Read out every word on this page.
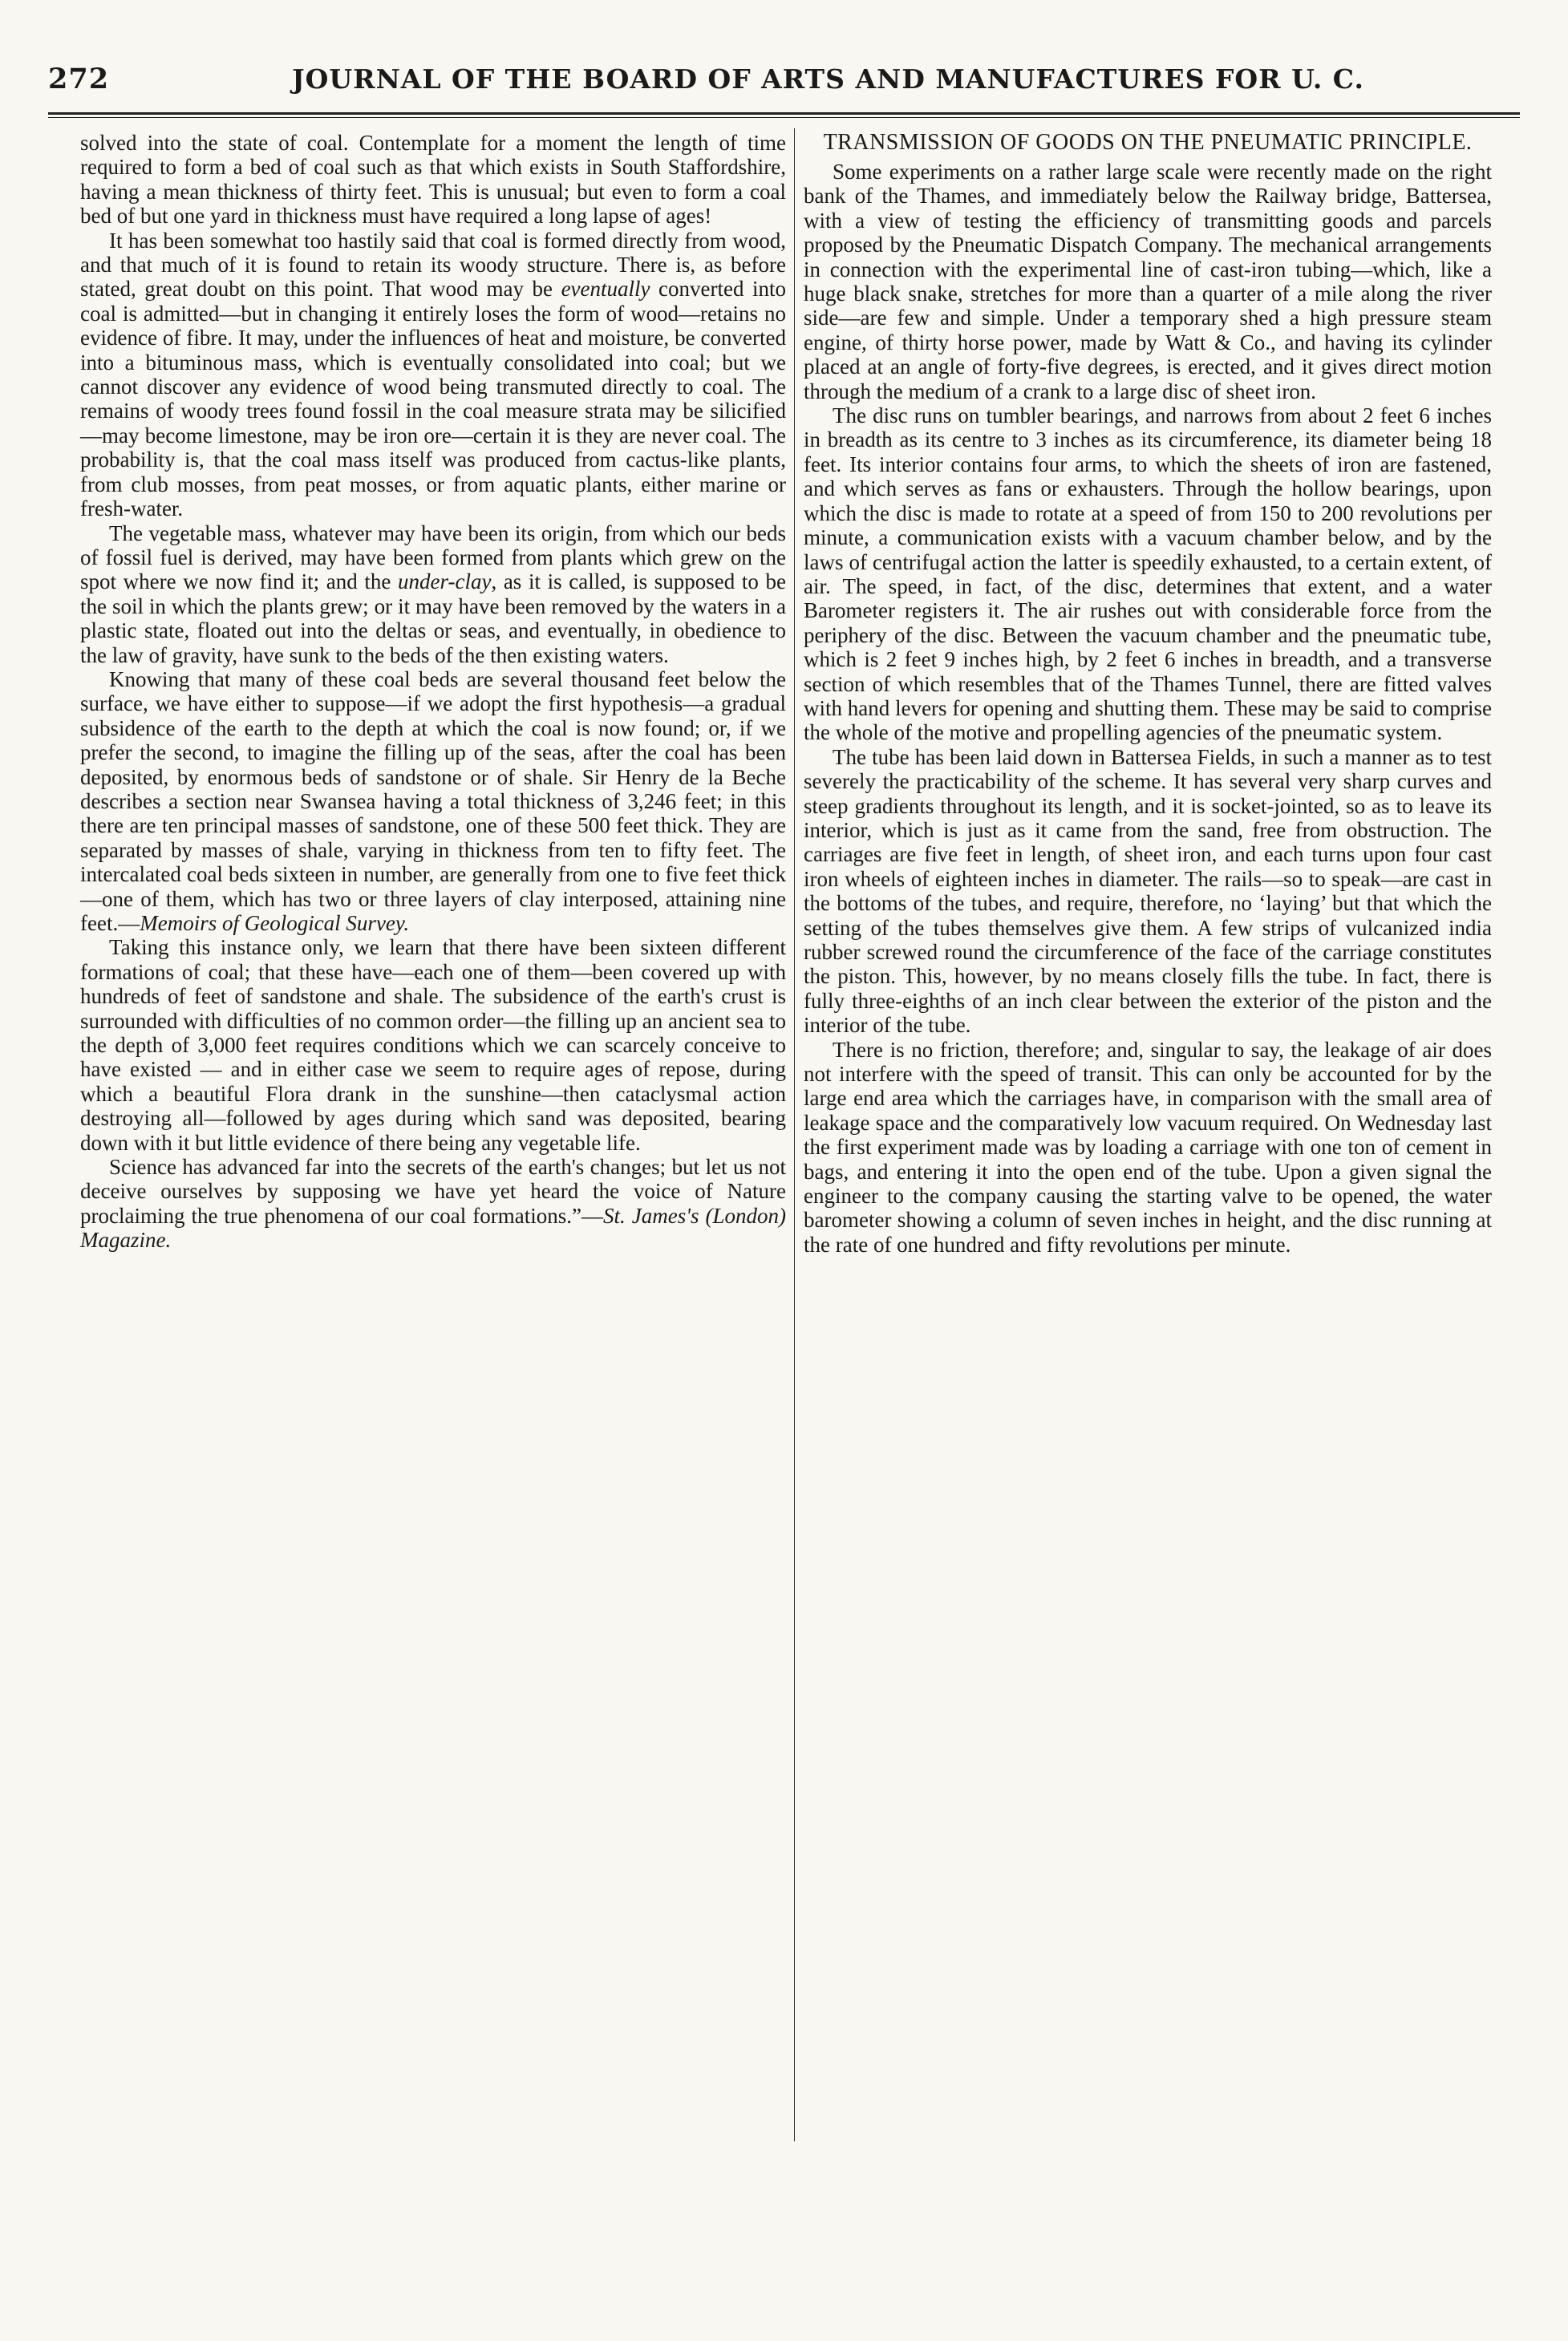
272	JOURNAL OF THE BOARD OF ARTS AND MANUFACTURES FOR U. C.

solved into the state of coal. Contemplate for a moment the length of time required to form a bed of coal such as that which exists in South Staffordshire, having a mean thickness of thirty feet. This is unusual; but even to form a coal bed of but one yard in thickness must have required a long lapse of ages!

It has been somewhat too hastily said that coal is formed directly from wood, and that much of it is found to retain its woody structure. There is, as before stated, great doubt on this point. That wood may be eventually converted into coal is admitted—but in changing it entirely loses the form of wood—retains no evidence of fibre. It may, under the influences of heat and moisture, be converted into a bituminous mass, which is eventually consolidated into coal; but we cannot discover any evidence of wood being transmuted directly to coal. The remains of woody trees found fossil in the coal measure strata may be silicified—may become limestone, may be iron ore—certain it is they are never coal. The probability is, that the coal mass itself was produced from cactus-like plants, from club mosses, from peat mosses, or from aquatic plants, either marine or fresh-water.

The vegetable mass, whatever may have been its origin, from which our beds of fossil fuel is derived, may have been formed from plants which grew on the spot where we now find it; and the under-clay, as it is called, is supposed to be the soil in which the plants grew; or it may have been removed by the waters in a plastic state, floated out into the deltas or seas, and eventually, in obedience to the law of gravity, have sunk to the beds of the then existing waters.

Knowing that many of these coal beds are several thousand feet below the surface, we have either to suppose—if we adopt the first hypothesis—a gradual subsidence of the earth to the depth at which the coal is now found; or, if we prefer the second, to imagine the filling up of the seas, after the coal has been deposited, by enormous beds of sandstone or of shale. Sir Henry de la Beche describes a section near Swansea having a total thickness of 3,246 feet; in this there are ten principal masses of sandstone, one of these 500 feet thick. They are separated by masses of shale, varying in thickness from ten to fifty feet. The intercalated coal beds sixteen in number, are generally from one to five feet thick—one of them, which has two or three layers of clay interposed, attaining nine feet.—Memoirs of Geological Survey.

Taking this instance only, we learn that there have been sixteen different formations of coal; that these have—each one of them—been covered up with hundreds of feet of sandstone and shale. The subsidence of the earth's crust is surrounded with difficulties of no common order—the filling up an ancient sea to the depth of 3,000 feet requires conditions which we can scarcely conceive to have existed — and in either case we seem to require ages of repose, during which a beautiful Flora drank in the sunshine—then cataclysmal action destroying all—followed by ages during which sand was deposited, bearing down with it but little evidence of there being any vegetable life.

Science has advanced far into the secrets of the earth's changes; but let us not deceive ourselves by supposing we have yet heard the voice of Nature proclaiming the true phenomena of our coal formations.”—St. James's (London) Magazine.

TRANSMISSION OF GOODS ON THE PNEUMATIC PRINCIPLE.

Some experiments on a rather large scale were recently made on the right bank of the Thames, and immediately below the Railway bridge, Battersea, with a view of testing the efficiency of transmitting goods and parcels proposed by the Pneumatic Dispatch Company. The mechanical arrangements in connection with the experimental line of cast-iron tubing—which, like a huge black snake, stretches for more than a quarter of a mile along the river side—are few and simple. Under a temporary shed a high pressure steam engine, of thirty horse power, made by Watt & Co., and having its cylinder placed at an angle of forty-five degrees, is erected, and it gives direct motion through the medium of a crank to a large disc of sheet iron.

The disc runs on tumbler bearings, and narrows from about 2 feet 6 inches in breadth as its centre to 3 inches as its circumference, its diameter being 18 feet. Its interior contains four arms, to which the sheets of iron are fastened, and which serves as fans or exhausters. Through the hollow bearings, upon which the disc is made to rotate at a speed of from 150 to 200 revolutions per minute, a communication exists with a vacuum chamber below, and by the laws of centrifugal action the latter is speedily exhausted, to a certain extent, of air. The speed, in fact, of the disc, determines that extent, and a water Barometer registers it. The air rushes out with considerable force from the periphery of the disc. Between the vacuum chamber and the pneumatic tube, which is 2 feet 9 inches high, by 2 feet 6 inches in breadth, and a transverse section of which resembles that of the Thames Tunnel, there are fitted valves with hand levers for opening and shutting them. These may be said to comprise the whole of the motive and propelling agencies of the pneumatic system.

The tube has been laid down in Battersea Fields, in such a manner as to test severely the practicability of the scheme. It has several very sharp curves and steep gradients throughout its length, and it is socket-jointed, so as to leave its interior, which is just as it came from the sand, free from obstruction. The carriages are five feet in length, of sheet iron, and each turns upon four cast iron wheels of eighteen inches in diameter. The rails—so to speak—are cast in the bottoms of the tubes, and require, therefore, no ‘laying’ but that which the setting of the tubes themselves give them. A few strips of vulcanized india rubber screwed round the circumference of the face of the carriage constitutes the piston. This, however, by no means closely fills the tube. In fact, there is fully three-eighths of an inch clear between the exterior of the piston and the interior of the tube.

There is no friction, therefore; and, singular to say, the leakage of air does not interfere with the speed of transit. This can only be accounted for by the large end area which the carriages have, in comparison with the small area of leakage space and the comparatively low vacuum required. On Wednesday last the first experiment made was by loading a carriage with one ton of cement in bags, and entering it into the open end of the tube. Upon a given signal the engineer to the company causing the starting valve to be opened, the water barometer showing a column of seven inches in height, and the disc running at the rate of one hundred and fifty revolutions per minute.
